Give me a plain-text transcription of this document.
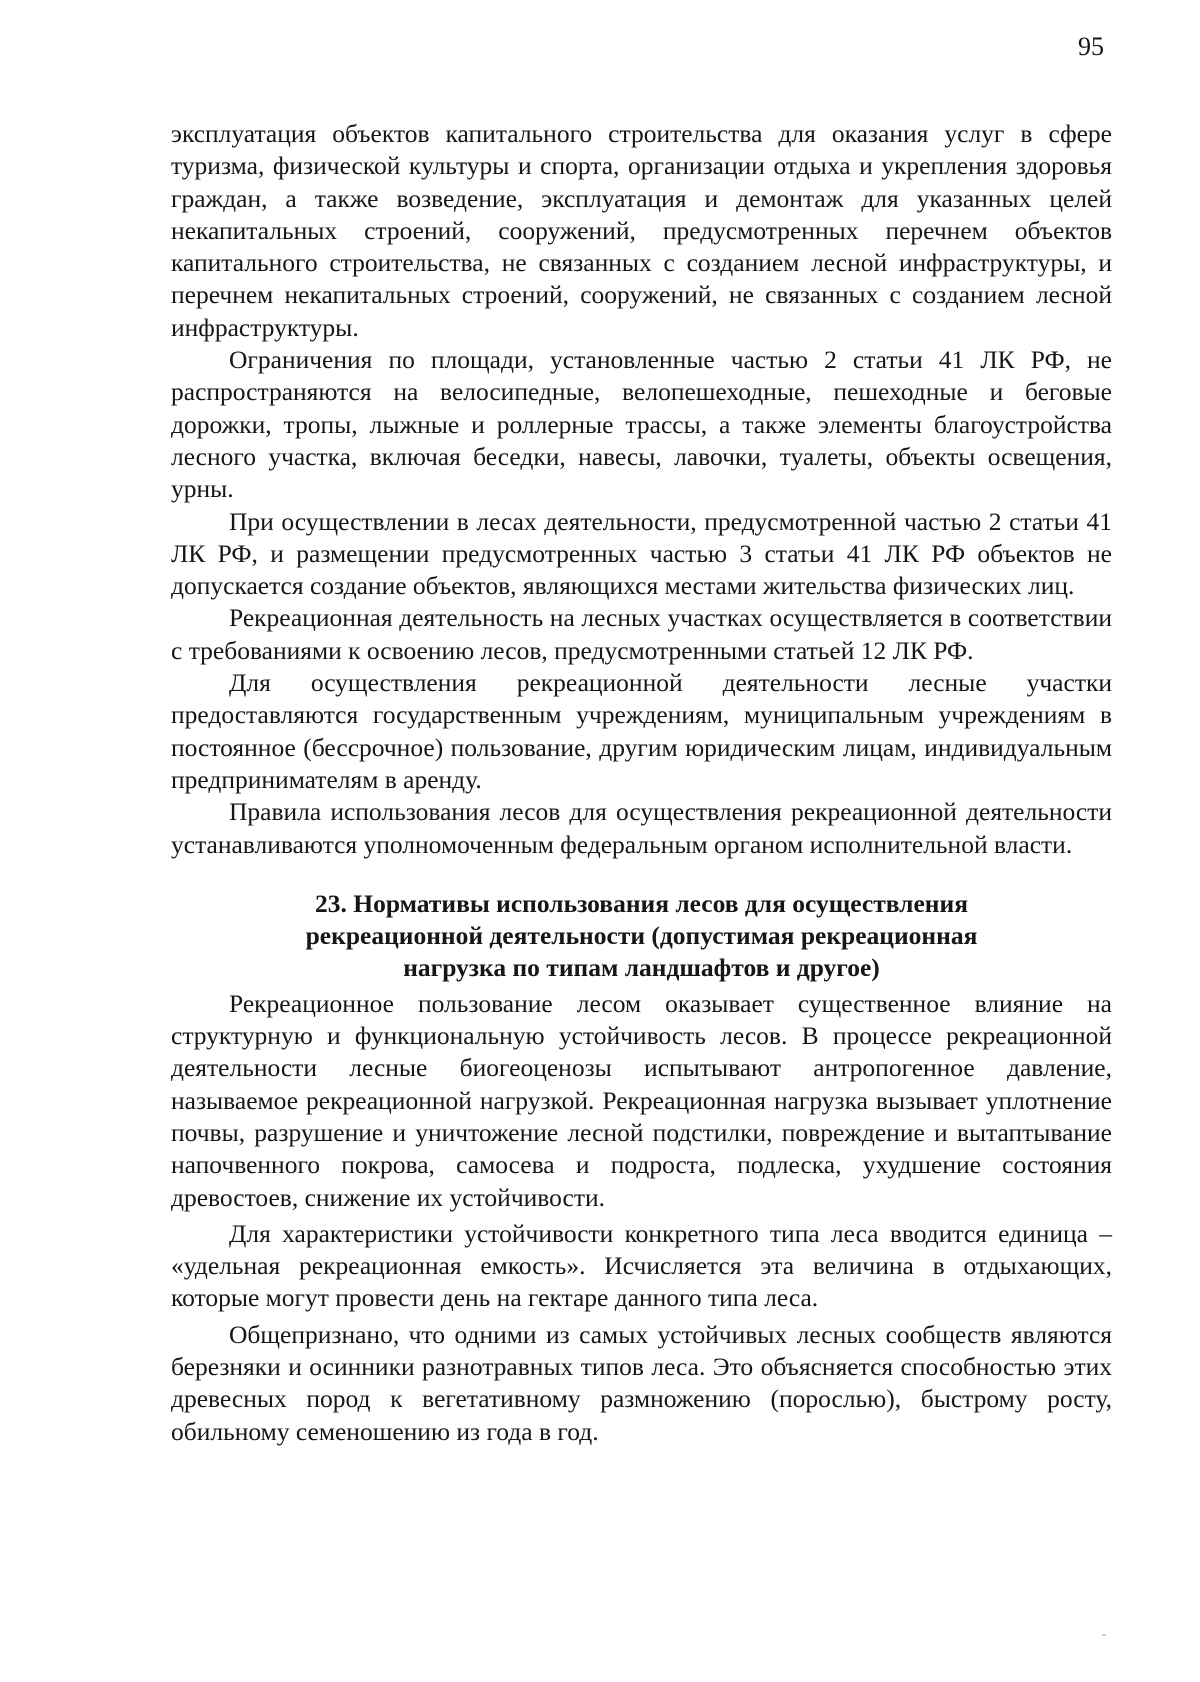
95

эксплуатация объектов капитального строительства для оказания услуг в сфере туризма, физической культуры и спорта, организации отдыха и укрепления здоровья граждан, а также возведение, эксплуатация и демонтаж для указанных целей некапитальных строений, сооружений, предусмотренных перечнем объектов капитального строительства, не связанных с созданием лесной инфраструктуры, и перечнем некапитальных строений, сооружений, не связанных с созданием лесной инфраструктуры.

Ограничения по площади, установленные частью 2 статьи 41 ЛК РФ, не распространяются на велосипедные, велопешеходные, пешеходные и беговые дорожки, тропы, лыжные и роллерные трассы, а также элементы благоустройства лесного участка, включая беседки, навесы, лавочки, туалеты, объекты освещения, урны.

При осуществлении в лесах деятельности, предусмотренной частью 2 статьи 41 ЛК РФ, и размещении предусмотренных частью 3 статьи 41 ЛК РФ объектов не допускается создание объектов, являющихся местами жительства физических лиц.

Рекреационная деятельность на лесных участках осуществляется в соответствии с требованиями к освоению лесов, предусмотренными статьей 12 ЛК РФ.

Для осуществления рекреационной деятельности лесные участки предоставляются государственным учреждениям, муниципальным учреждениям в постоянное (бессрочное) пользование, другим юридическим лицам, индивидуальным предпринимателям в аренду.

Правила использования лесов для осуществления рекреационной деятельности устанавливаются уполномоченным федеральным органом исполнительной власти.

23. Нормативы использования лесов для осуществления
рекреационной деятельности (допустимая рекреационная
нагрузка по типам ландшафтов и другое)

Рекреационное пользование лесом оказывает существенное влияние на структурную и функциональную устойчивость лесов. В процессе рекреационной деятельности лесные биогеоценозы испытывают антропогенное давление, называемое рекреационной нагрузкой. Рекреационная нагрузка вызывает уплотнение почвы, разрушение и уничтожение лесной подстилки, повреждение и вытаптывание напочвенного покрова, самосева и подроста, подлеска, ухудшение состояния древостоев, снижение их устойчивости.

Для характеристики устойчивости конкретного типа леса вводится единица – «удельная рекреационная емкость». Исчисляется эта величина в отдыхающих, которые могут провести день на гектаре данного типа леса.

Общепризнано, что одними из самых устойчивых лесных сообществ являются березняки и осинники разнотравных типов леса. Это объясняется способностью этих древесных пород к вегетативному размножению (порослью), быстрому росту, обильному семеношению из года в год.
